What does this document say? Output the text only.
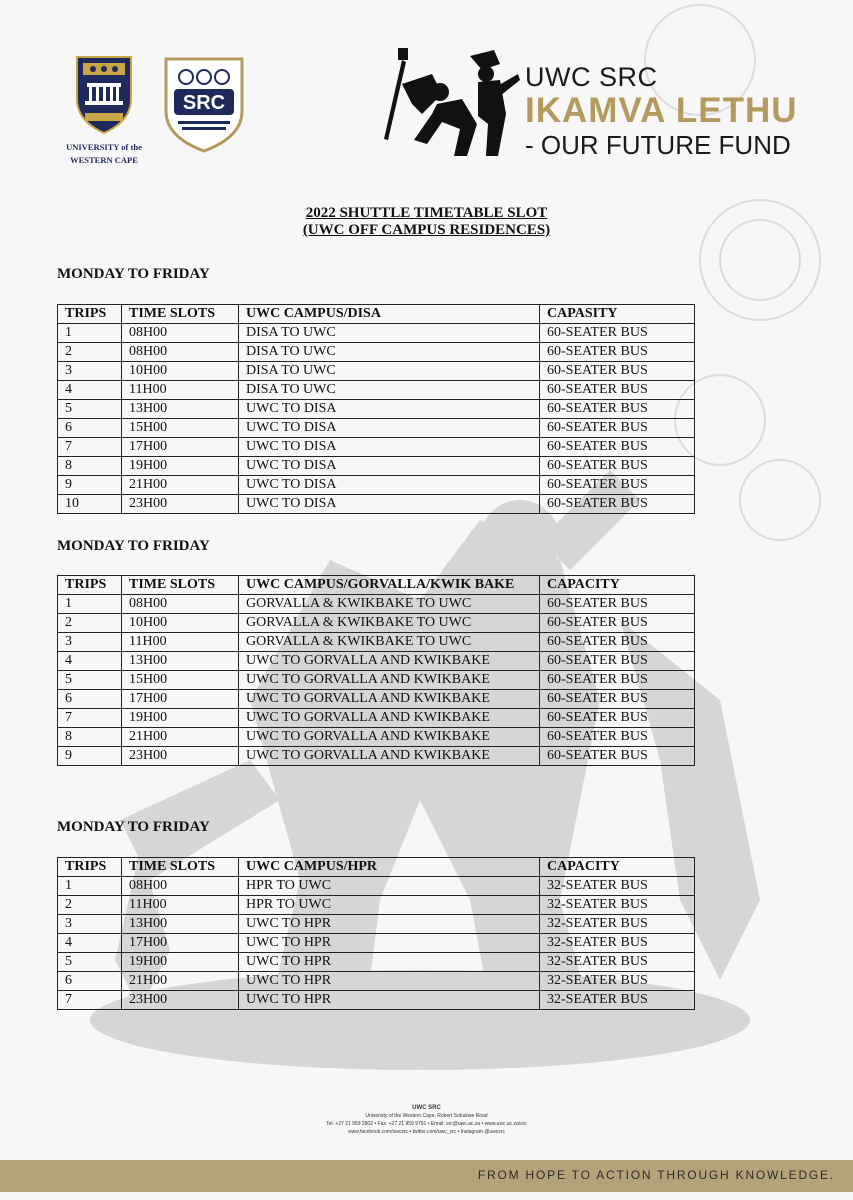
UNIVERSITY of the
WESTERN CAPE
SRC
UWC SRC
IKAMVA LETHU
- OUR FUTURE FUND
2022 SHUTTLE TIMETABLE SLOT
(UWC OFF CAMPUS RESIDENCES)
MONDAY TO FRIDAY
TRIPS	TIME SLOTS	UWC CAMPUS/DISA	CAPASITY
1	08H00	DISA TO UWC	60-SEATER BUS
2	08H00	DISA TO UWC	60-SEATER BUS
3	10H00	DISA TO UWC	60-SEATER BUS
4	11H00	DISA TO UWC	60-SEATER BUS
5	13H00	UWC TO DISA	60-SEATER BUS
6	15H00	UWC TO DISA	60-SEATER BUS
7	17H00	UWC TO DISA	60-SEATER BUS
8	19H00	UWC TO DISA	60-SEATER BUS
9	21H00	UWC TO DISA	60-SEATER BUS
10	23H00	UWC TO DISA	60-SEATER BUS
MONDAY TO FRIDAY
TRIPS	TIME SLOTS	UWC CAMPUS/GORVALLA/KWIK BAKE	CAPACITY
1	08H00	GORVALLA & KWIKBAKE TO UWC	60-SEATER BUS
2	10H00	GORVALLA & KWIKBAKE TO UWC	60-SEATER BUS
3	11H00	GORVALLA & KWIKBAKE TO UWC	60-SEATER BUS
4	13H00	UWC TO GORVALLA AND KWIKBAKE	60-SEATER BUS
5	15H00	UWC TO GORVALLA AND KWIKBAKE	60-SEATER BUS
6	17H00	UWC TO GORVALLA AND KWIKBAKE	60-SEATER BUS
7	19H00	UWC TO GORVALLA AND KWIKBAKE	60-SEATER BUS
8	21H00	UWC TO GORVALLA AND KWIKBAKE	60-SEATER BUS
9	23H00	UWC TO GORVALLA AND KWIKBAKE	60-SEATER BUS
MONDAY TO FRIDAY
TRIPS	TIME SLOTS	UWC CAMPUS/HPR	CAPACITY
1	08H00	HPR TO UWC	32-SEATER BUS
2	11H00	HPR TO UWC	32-SEATER BUS
3	13H00	UWC TO HPR	32-SEATER BUS
4	17H00	UWC TO HPR	32-SEATER BUS
5	19H00	UWC TO HPR	32-SEATER BUS
6	21H00	UWC TO HPR	32-SEATER BUS
7	23H00	UWC TO HPR	32-SEATER BUS
UWC SRC
University of the Western Cape, Robert Sobukwe Road
Tel: +27 21 959 2802 • Fax: +27 21 959 9791 • Email: src@uwc.ac.za • www.uwc.ac.za/src
www.facebook.com/uwcsrc • twitter.com/uwc_src • Instagram @uwcsrc
FROM HOPE TO ACTION THROUGH KNOWLEDGE.
